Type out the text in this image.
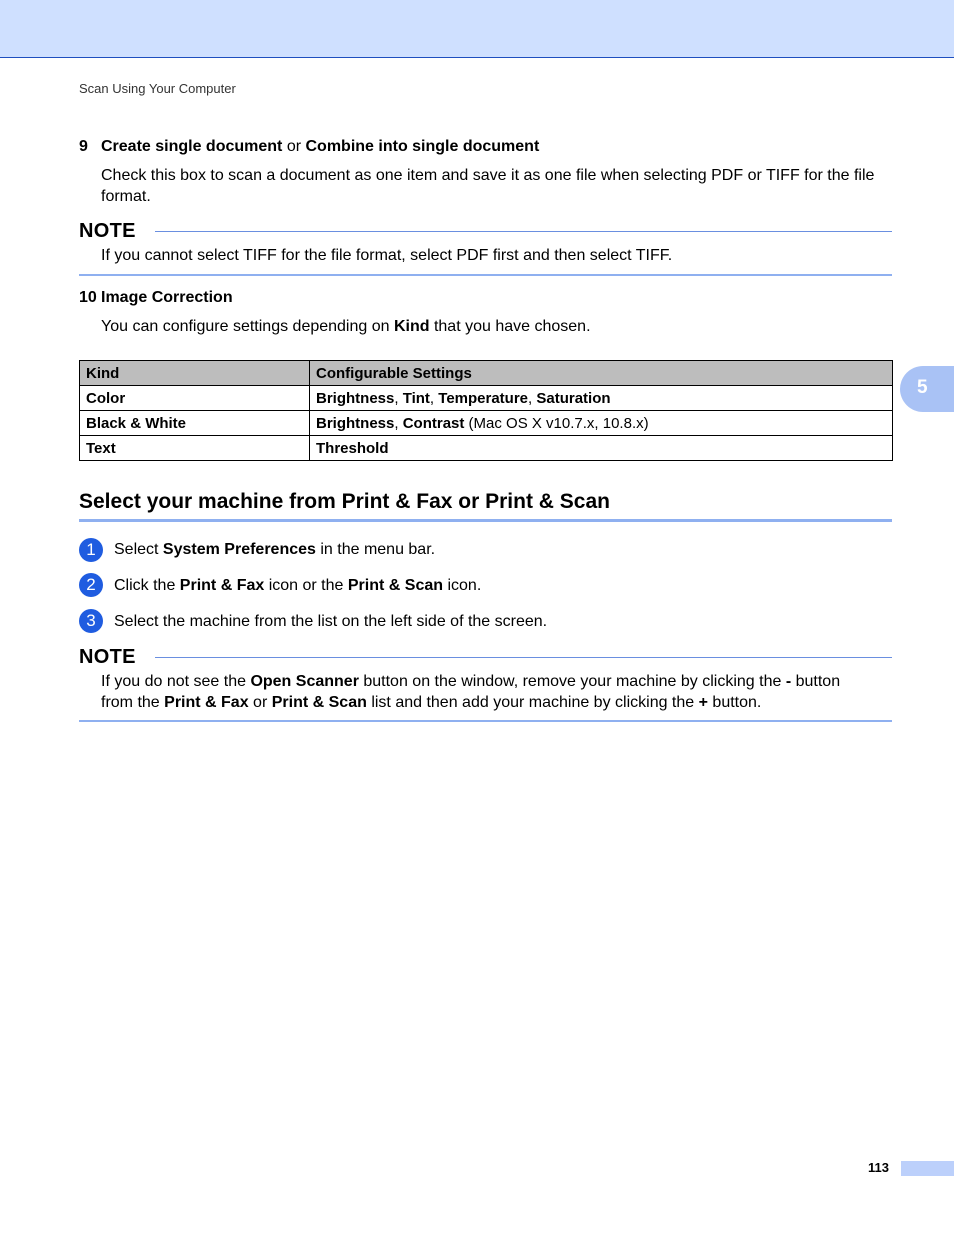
Scan Using Your Computer
9 Create single document or Combine into single document
Check this box to scan a document as one item and save it as one file when selecting PDF or TIFF for the file format.
NOTE
If you cannot select TIFF for the file format, select PDF first and then select TIFF.
10 Image Correction
You can configure settings depending on Kind that you have chosen.
Kind	Configurable Settings
Color	Brightness, Tint, Temperature, Saturation
Black & White	Brightness, Contrast (Mac OS X v10.7.x, 10.8.x)
Text	Threshold
Select your machine from Print & Fax or Print & Scan
1	Select System Preferences in the menu bar.
2	Click the Print & Fax icon or the Print & Scan icon.
3	Select the machine from the list on the left side of the screen.
NOTE
If you do not see the Open Scanner button on the window, remove your machine by clicking the - button
from the Print & Fax or Print & Scan list and then add your machine by clicking the + button.
5
113
